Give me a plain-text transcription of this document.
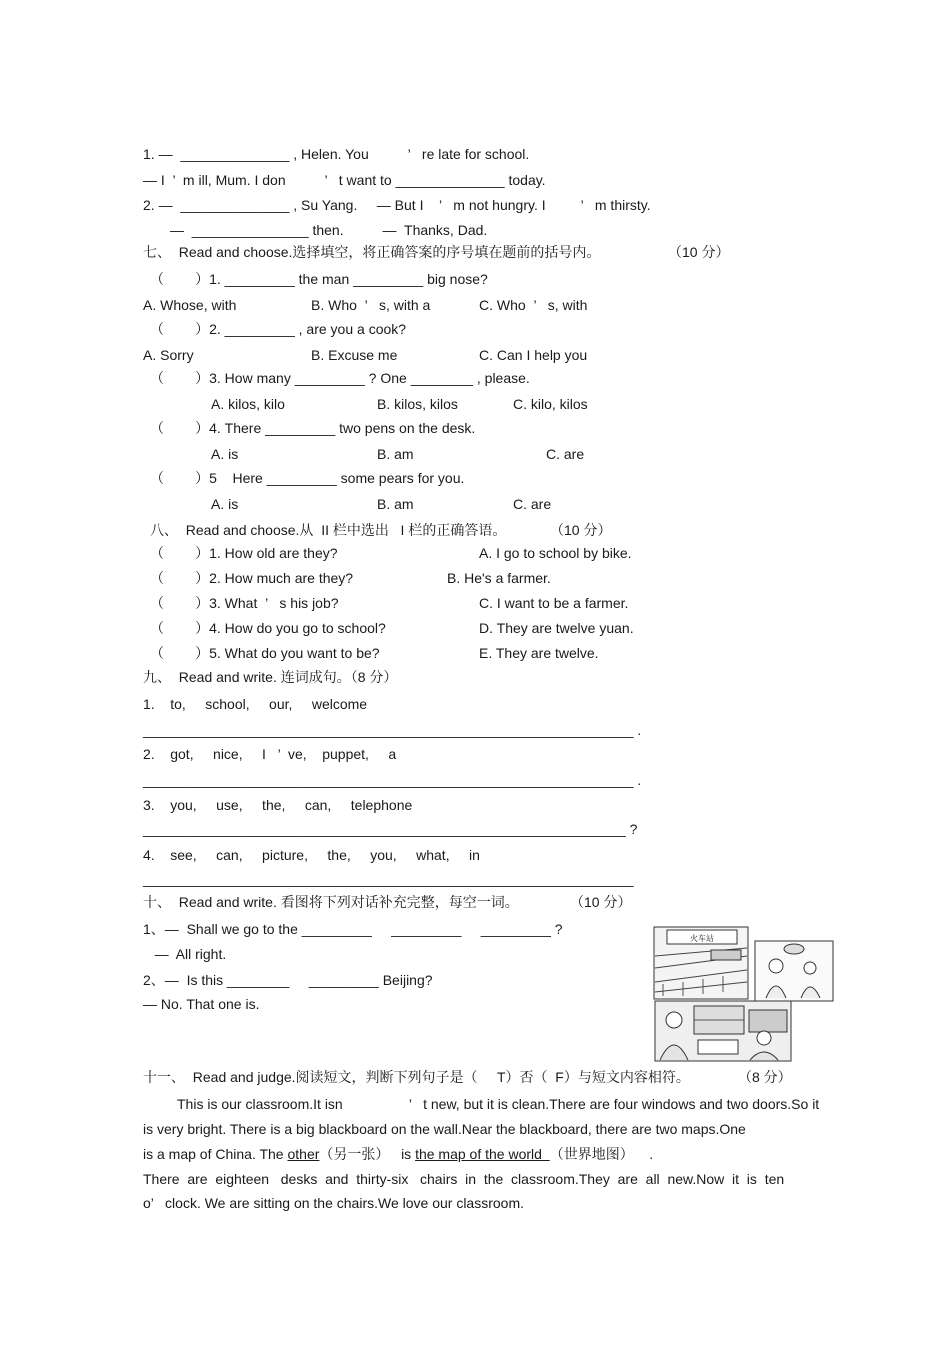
1. —  ______________ , Helen. You          ’   re late for school.
— I  ’  m ill, Mum. I don          ’   t want to ______________ today.
2. —  ______________ , Su Yang.     — But I    ’   m not hungry. I         ’   m thirsty.
—  _______________ then.          —  Thanks, Dad.
七、  Read and choose.选择填空，将正确答案的序号填在题前的括号内。	（10 分）
（        ）1. _________ the man _________ big nose?
A. Whose, with	B. Who  ’   s, with a	C. Who  ’   s, with
（        ）2. _________ , are you a cook?
A. Sorry	B. Excuse me	C. Can I help you
（        ）3. How many _________ ? One ________ , please.
A. kilos, kilo	B. kilos, kilos	C. kilo, kilos
（        ）4. There _________ two pens on the desk.
A. is	B. am	C. are
（        ）5    Here _________ some pears for you.
A. is	B. am	C. are
八、  Read and choose.从  II 栏中选出   I 栏的正确答语。	（10 分）
（        ）1. How old are they?	A. I go to school by bike.
（        ）2. How much are they?	B. He's a farmer.
（        ）3. What  ’   s his job?	C. I want to be a farmer.
（        ）4. How do you go to school?	D. They are twelve yuan.
（        ）5. What do you want to be?	E. They are twelve.
九、  Read and write. 连词成句。（8 分）
1.    to,     school,     our,     welcome
_______________________________________________________________ .
2.    got,     nice,     I   ’  ve,    puppet,     a
_______________________________________________________________ .
3.    you,     use,     the,     can,     telephone
______________________________________________________________ ?
4.    see,     can,     picture,     the,     you,     what,     in
_______________________________________________________________
十、  Read and write. 看图将下列对话补充完整，每空一词。	（10 分）
1、—  Shall we go to the _________     _________     _________ ?
—  All right.
2、—  Is this ________     _________ Beijing?
— No. That one is.
火车站
十一、  Read and judge.阅读短文，判断下列句子是（     T）否（  F）与短文内容相符。	（8 分）
This is our classroom.It isn                 ’   t new, but it is clean.There are four windows and two doors.So it
is very bright. There is a big blackboard on the wall.Near the blackboard, there are two maps.One
is a map of China. The other（另一张）   is the map of the world  （世界地图）    .
There  are  eighteen   desks  and  thirty-six   chairs  in  the  classroom.They  are  all  new.Now  it  is  ten
o’   clock. We are sitting on the chairs.We love our classroom.
